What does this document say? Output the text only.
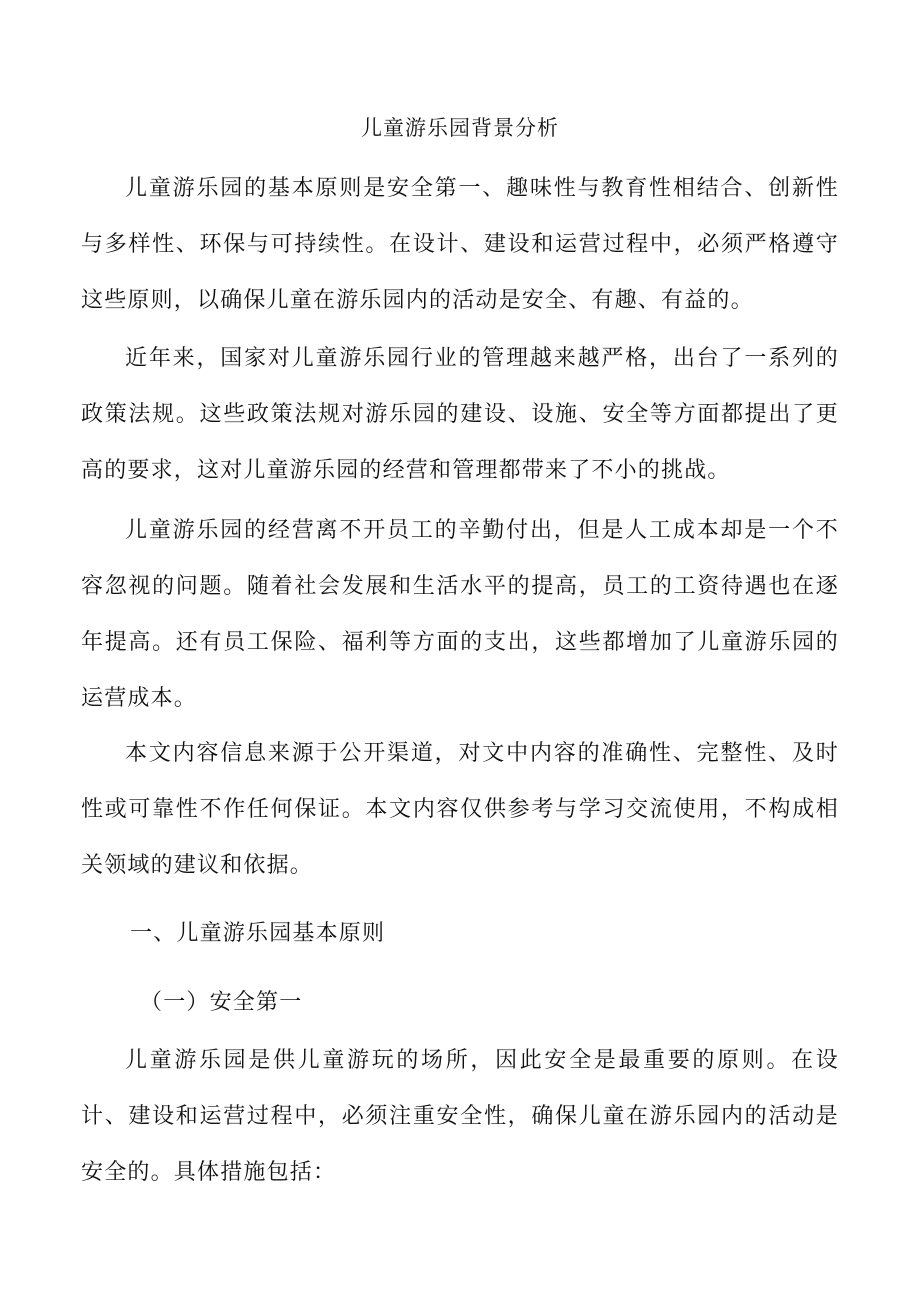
儿童游乐园背景分析

儿童游乐园的基本原则是安全第一、趣味性与教育性相结合、创新性与多样性、环保与可持续性。在设计、建设和运营过程中，必须严格遵守这些原则，以确保儿童在游乐园内的活动是安全、有趣、有益的。

近年来，国家对儿童游乐园行业的管理越来越严格，出台了一系列的政策法规。这些政策法规对游乐园的建设、设施、安全等方面都提出了更高的要求，这对儿童游乐园的经营和管理都带来了不小的挑战。

儿童游乐园的经营离不开员工的辛勤付出，但是人工成本却是一个不容忽视的问题。随着社会发展和生活水平的提高，员工的工资待遇也在逐年提高。还有员工保险、福利等方面的支出，这些都增加了儿童游乐园的运营成本。

本文内容信息来源于公开渠道，对文中内容的准确性、完整性、及时性或可靠性不作任何保证。本文内容仅供参考与学习交流使用，不构成相关领域的建议和依据。

一、儿童游乐园基本原则
（一）安全第一

儿童游乐园是供儿童游玩的场所，因此安全是最重要的原则。在设计、建设和运营过程中，必须注重安全性，确保儿童在游乐园内的活动是安全的。具体措施包括：
